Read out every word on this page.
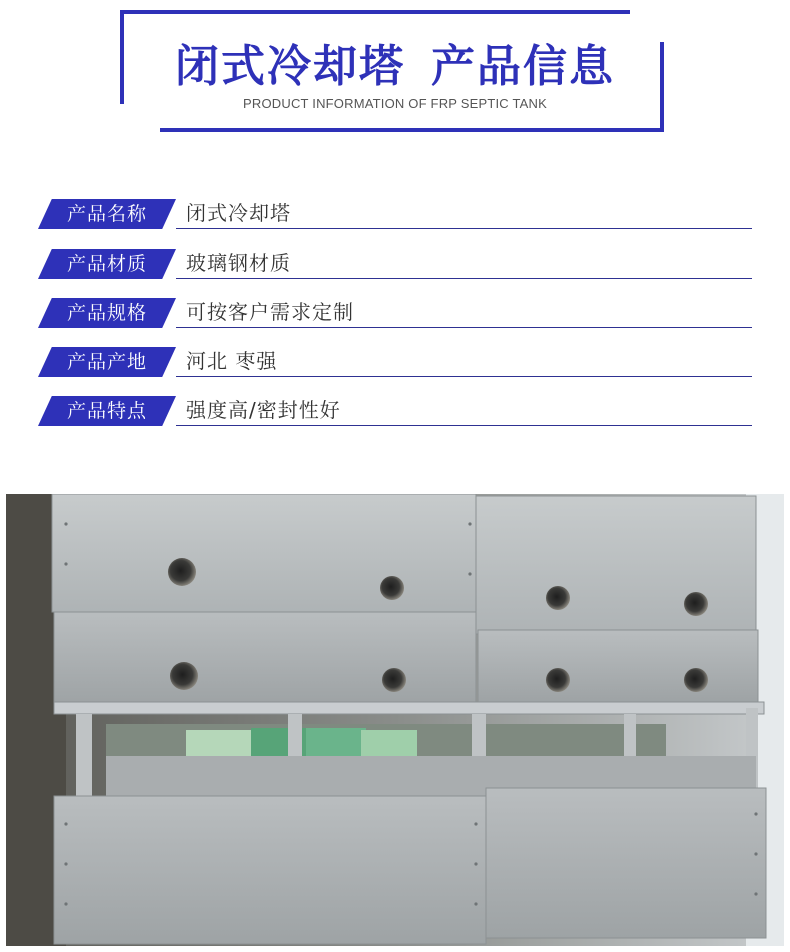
闭式冷却塔 产品信息
PRODUCT INFORMATION OF FRP SEPTIC TANK
产品名称	闭式冷却塔
产品材质	玻璃钢材质
产品规格	可按客户需求定制
产品产地	河北 枣强
产品特点	强度高/密封性好
